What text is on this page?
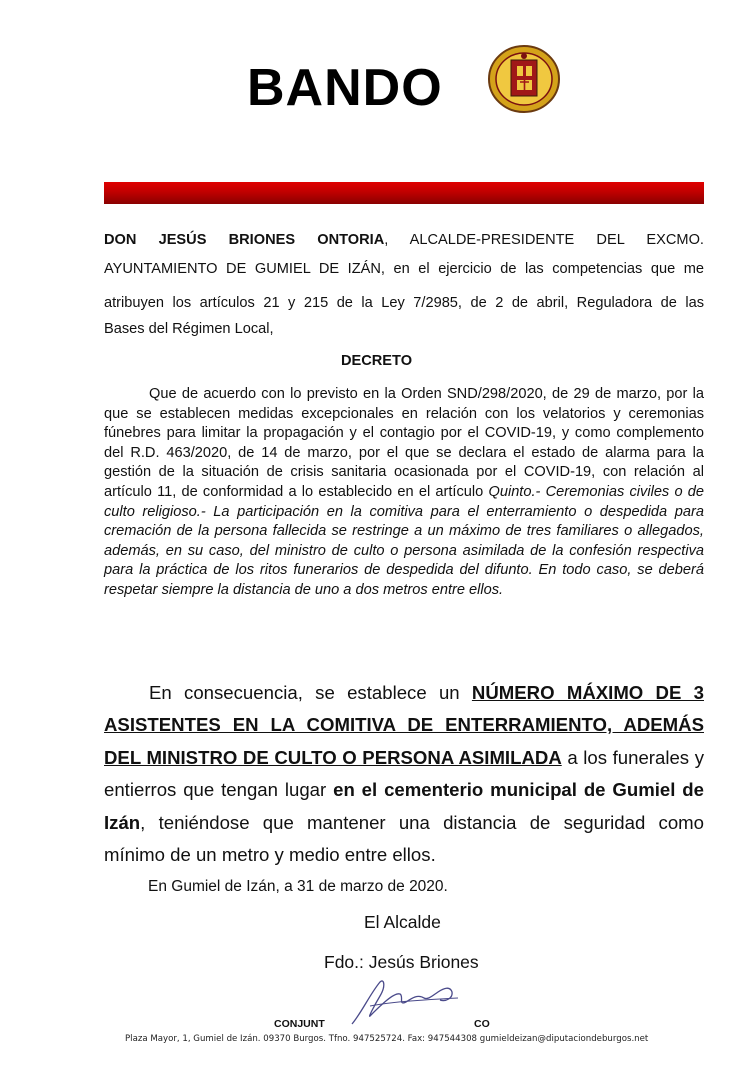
BANDO

DON JESÚS BRIONES ONTORIA, ALCALDE-PRESIDENTE DEL EXCMO.

AYUNTAMIENTO DE GUMIEL DE IZÁN, en el ejercicio de las competencias que me

atribuyen los artículos 21 y 215 de la Ley 7/2985, de 2 de abril, Reguladora de las

Bases del Régimen Local,

DECRETO

Que de acuerdo con lo previsto en la Orden SND/298/2020, de 29 de marzo, por la que se establecen medidas excepcionales en relación con los velatorios y ceremonias fúnebres para limitar la propagación y el contagio por el COVID-19, y como complemento del R.D. 463/2020, de 14 de marzo, por el que se declara el estado de alarma para la gestión de la situación de crisis sanitaria ocasionada por el COVID-19, con relación al artículo 11, de conformidad a lo establecido en el artículo Quinto.- Ceremonias civiles o de culto religioso.- La participación en la comitiva para el enterramiento o despedida para cremación de la persona fallecida se restringe a un máximo de tres familiares o allegados, además, en su caso, del ministro de culto o persona asimilada de la confesión respectiva para la práctica de los ritos funerarios de despedida del difunto. En todo caso, se deberá respetar siempre la distancia de uno a dos metros entre ellos.

En consecuencia, se establece un NÚMERO MÁXIMO DE 3 ASISTENTES EN LA COMITIVA DE ENTERRAMIENTO, ADEMÁS DEL MINISTRO DE CULTO O PERSONA ASIMILADA a los funerales y entierros que tengan lugar en el cementerio municipal de Gumiel de Izán, teniéndose que mantener una distancia de seguridad como mínimo de un metro y medio entre ellos.

En Gumiel de Izán, a 31 de marzo de 2020.
El Alcalde
Fdo.: Jesús Briones
CONJUNT	CO
Plaza Mayor, 1, Gumiel de Izán. 09370 Burgos. Tfno. 947525724. Fax: 947544308 gumieldeizan@diputaciondeburgos.net
